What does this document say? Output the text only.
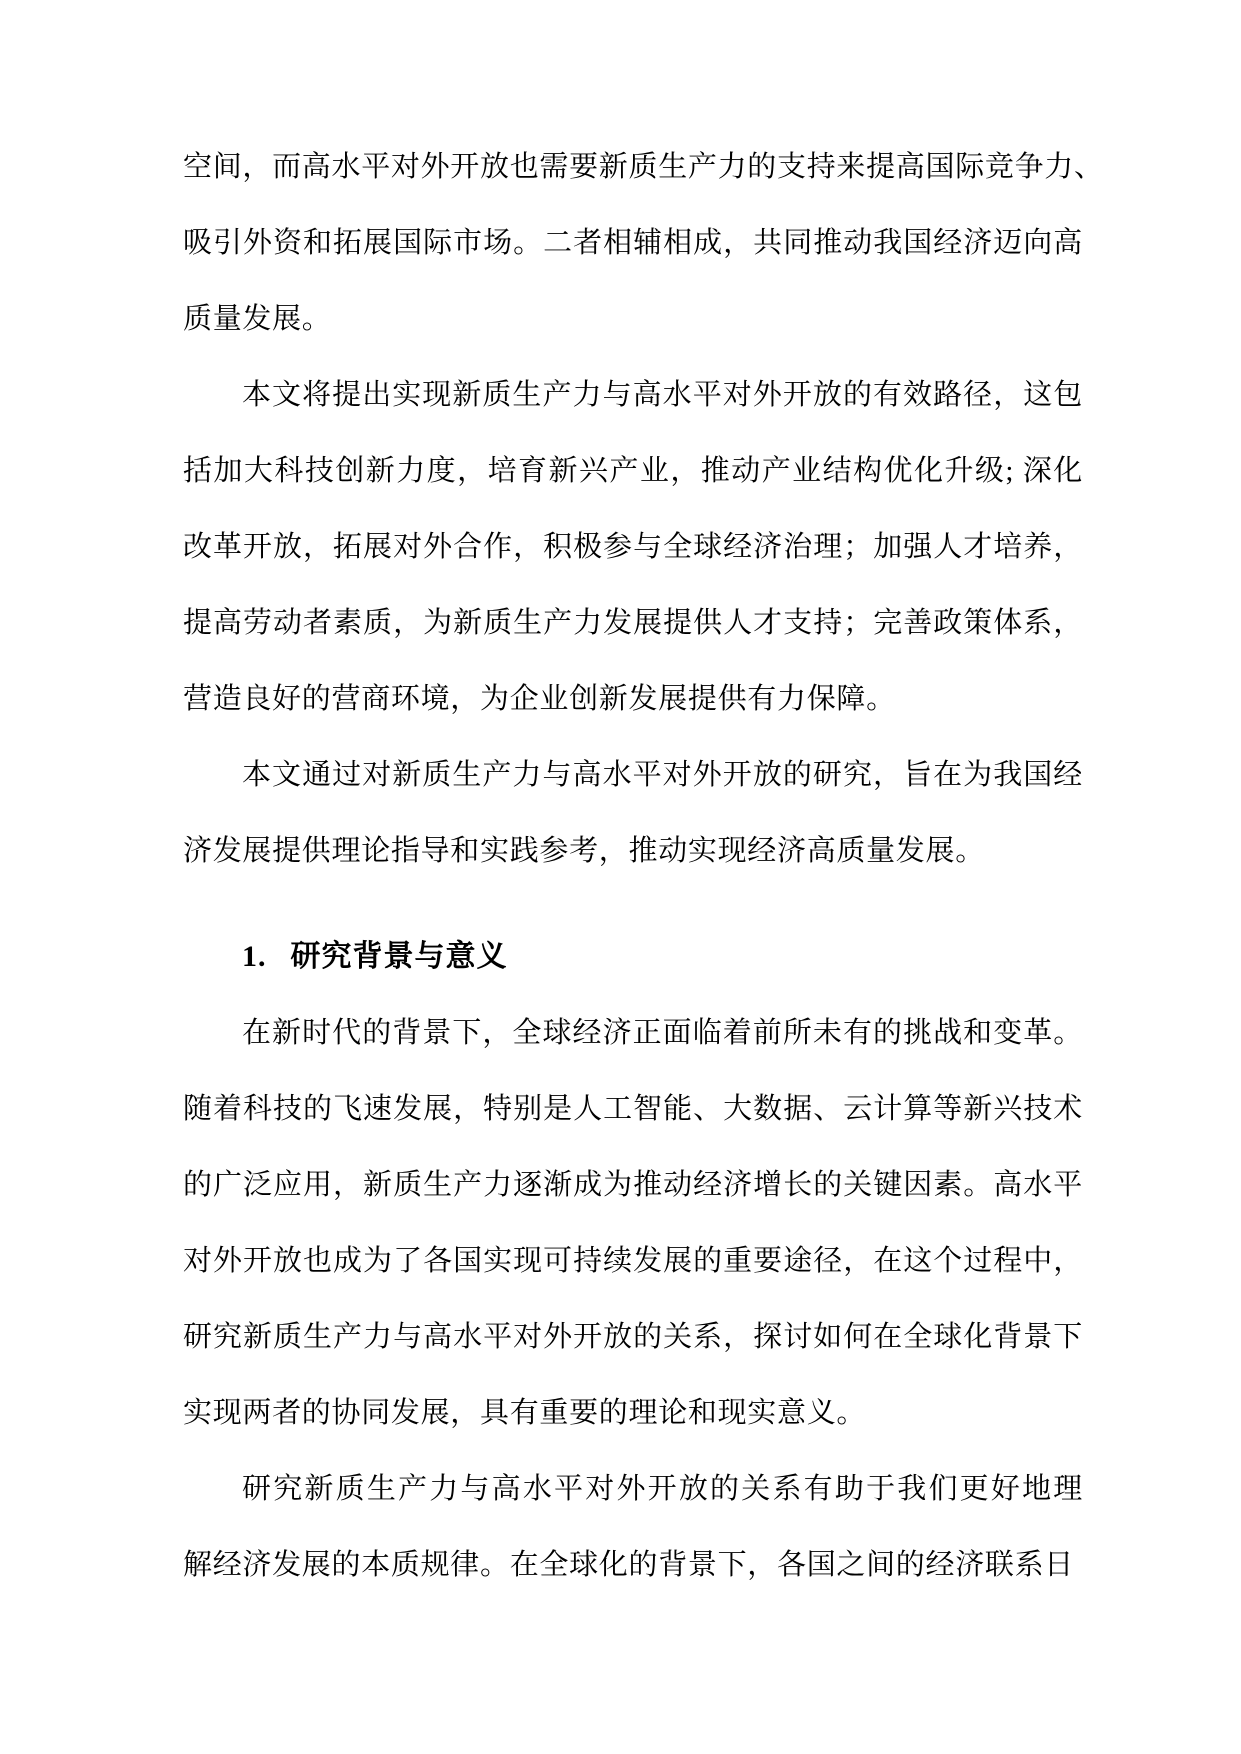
空间，而高水平对外开放也需要新质生产力的支持来提高国际竞争力、
吸引外资和拓展国际市场。二者相辅相成，共同推动我国经济迈向高
质量发展。
本文将提出实现新质生产力与高水平对外开放的有效路径，这包
括加大科技创新力度，培育新兴产业，推动产业结构优化升级; 深化
改革开放，拓展对外合作，积极参与全球经济治理；加强人才培养，
提高劳动者素质，为新质生产力发展提供人才支持；完善政策体系，
营造良好的营商环境，为企业创新发展提供有力保障。
本文通过对新质生产力与高水平对外开放的研究，旨在为我国经
济发展提供理论指导和实践参考，推动实现经济高质量发展。
1. 研究背景与意义
在新时代的背景下，全球经济正面临着前所未有的挑战和变革。
随着科技的飞速发展，特别是人工智能、大数据、云计算等新兴技术
的广泛应用，新质生产力逐渐成为推动经济增长的关键因素。高水平
对外开放也成为了各国实现可持续发展的重要途径，在这个过程中，
研究新质生产力与高水平对外开放的关系，探讨如何在全球化背景下
实现两者的协同发展，具有重要的理论和现实意义。
研究新质生产力与高水平对外开放的关系有助于我们更好地理
解经济发展的本质规律。在全球化的背景下，各国之间的经济联系日
